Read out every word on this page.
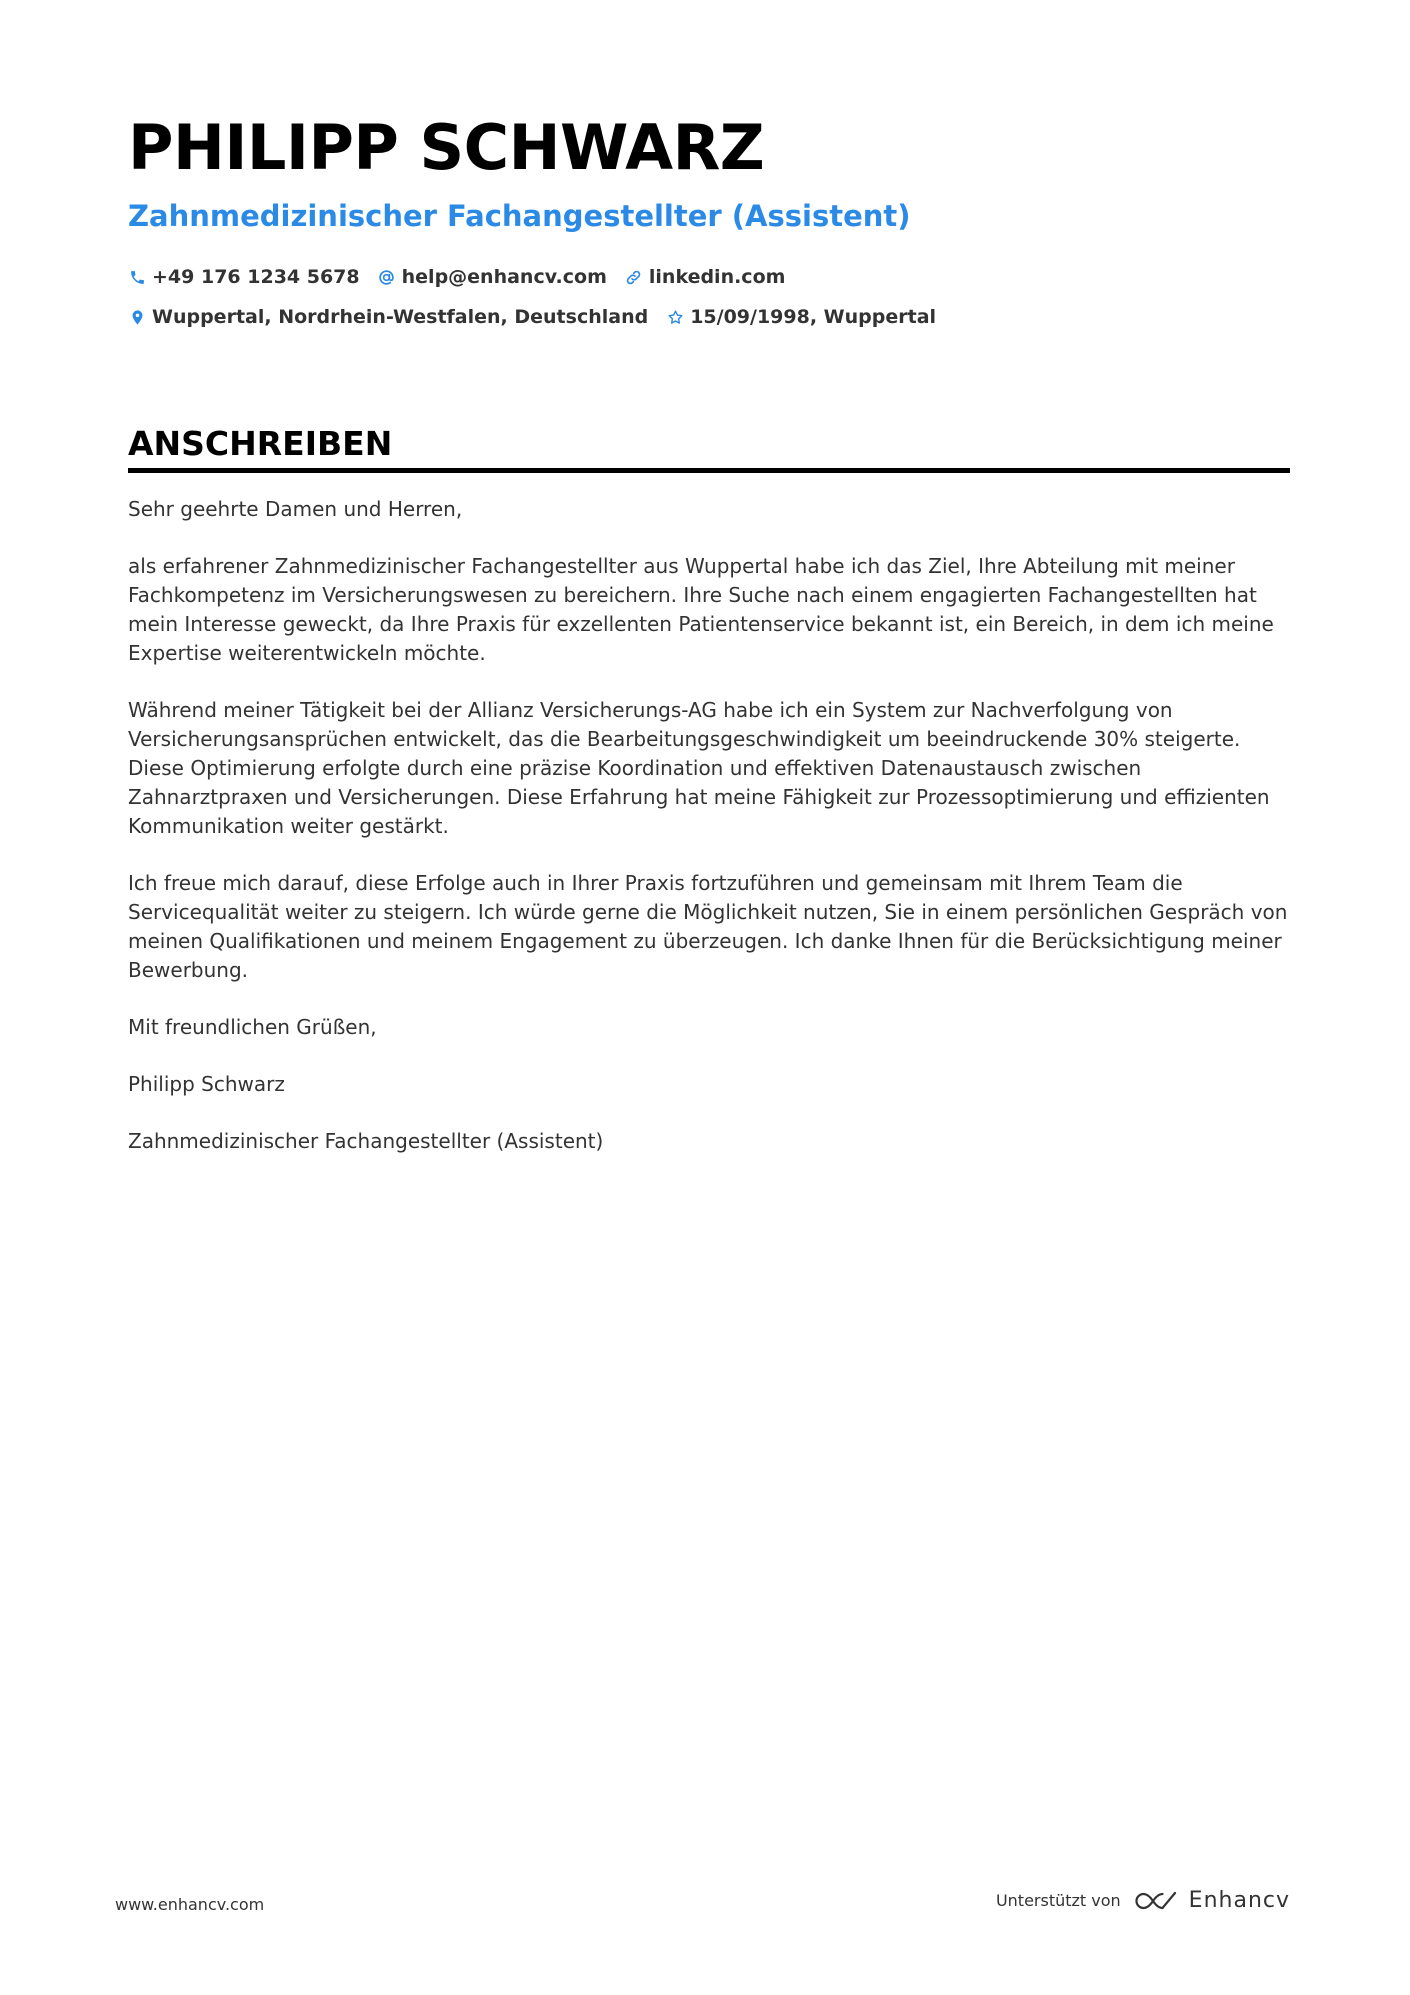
PHILIPP SCHWARZ
Zahnmedizinischer Fachangestellter (Assistent)
+49 176 1234 5678 help@enhancv.com linkedin.com
Wuppertal, Nordrhein-Westfalen, Deutschland 15/09/1998, Wuppertal
ANSCHREIBEN

Sehr geehrte Damen und Herren,

als erfahrener Zahnmedizinischer Fachangestellter aus Wuppertal habe ich das Ziel, Ihre Abteilung mit meiner Fachkompetenz im Versicherungswesen zu bereichern. Ihre Suche nach einem engagierten Fachangestellten hat mein Interesse geweckt, da Ihre Praxis für exzellenten Patientenservice bekannt ist, ein Bereich, in dem ich meine Expertise weiterentwickeln möchte.

Während meiner Tätigkeit bei der Allianz Versicherungs-AG habe ich ein System zur Nachverfolgung von Versicherungsansprüchen entwickelt, das die Bearbeitungsgeschwindigkeit um beeindruckende 30% steigerte. Diese Optimierung erfolgte durch eine präzise Koordination und effektiven Datenaustausch zwischen Zahnarztpraxen und Versicherungen. Diese Erfahrung hat meine Fähigkeit zur Prozessoptimierung und effizienten Kommunikation weiter gestärkt.

Ich freue mich darauf, diese Erfolge auch in Ihrer Praxis fortzuführen und gemeinsam mit Ihrem Team die Servicequalität weiter zu steigern. Ich würde gerne die Möglichkeit nutzen, Sie in einem persönlichen Gespräch von meinen Qualifikationen und meinem Engagement zu überzeugen. Ich danke Ihnen für die Berücksichtigung meiner Bewerbung.

Mit freundlichen Grüßen,

Philipp Schwarz

Zahnmedizinischer Fachangestellter (Assistent)

www.enhancv.com	Unterstützt von	Enhancv
